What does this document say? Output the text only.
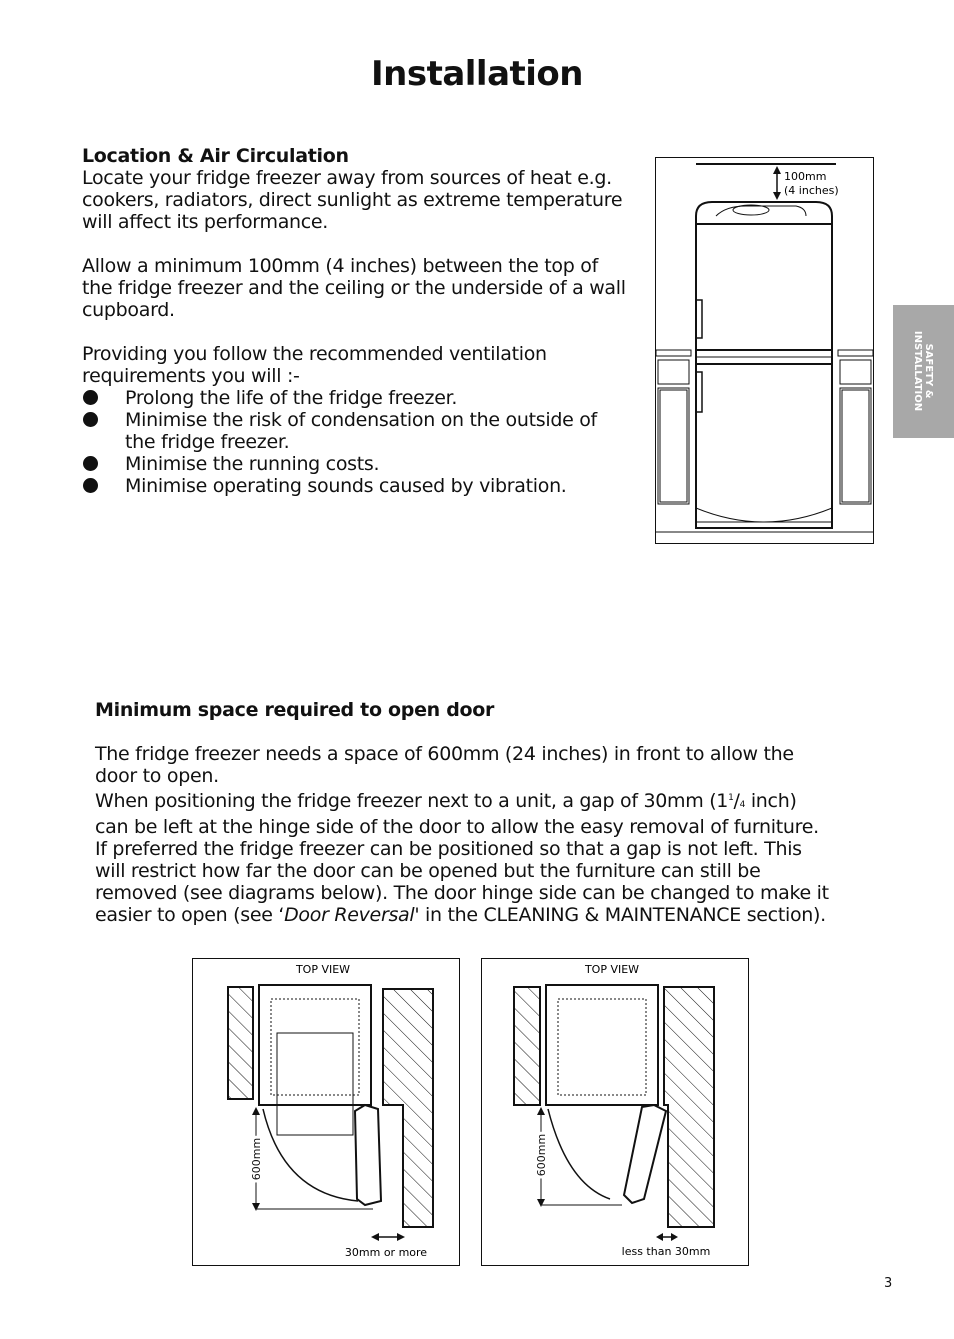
Installation
Location & Air Circulation

Locate your fridge freezer away from sources of heat e.g. cookers, radiators, direct sunlight as extreme temperature will affect its performance.

Allow a minimum 100mm (4 inches) between the top of the fridge freezer and the ceiling or the underside of a wall cupboard.

Providing you follow the recommended ventilation requirements you will :-

Prolong the life of the fridge freezer.
Minimise the risk of condensation on the outside of the fridge freezer.
Minimise the running costs.
Minimise operating sounds caused by vibration.
100mm
(4 inches)
SAFETY &
INSTALLATION
Minimum space required to open door

The fridge freezer needs a space of 600mm (24 inches) in front to allow the door to open.

When positioning the fridge freezer next to a unit, a gap of 30mm ($1^1/4$ inch) can be left at the hinge side of the door to allow the easy removal of furniture. If preferred the fridge freezer can be positioned so that a gap is not left. This will restrict how far the door can be opened but the furniture can still be removed (see diagrams below). The door hinge side can be changed to make it easier to open (see ‘Door Reversal' in the CLEANING & MAINTENANCE section).

TOP VIEW
600mm
30mm or more
TOP VIEW
600mm
less than 30mm
3
